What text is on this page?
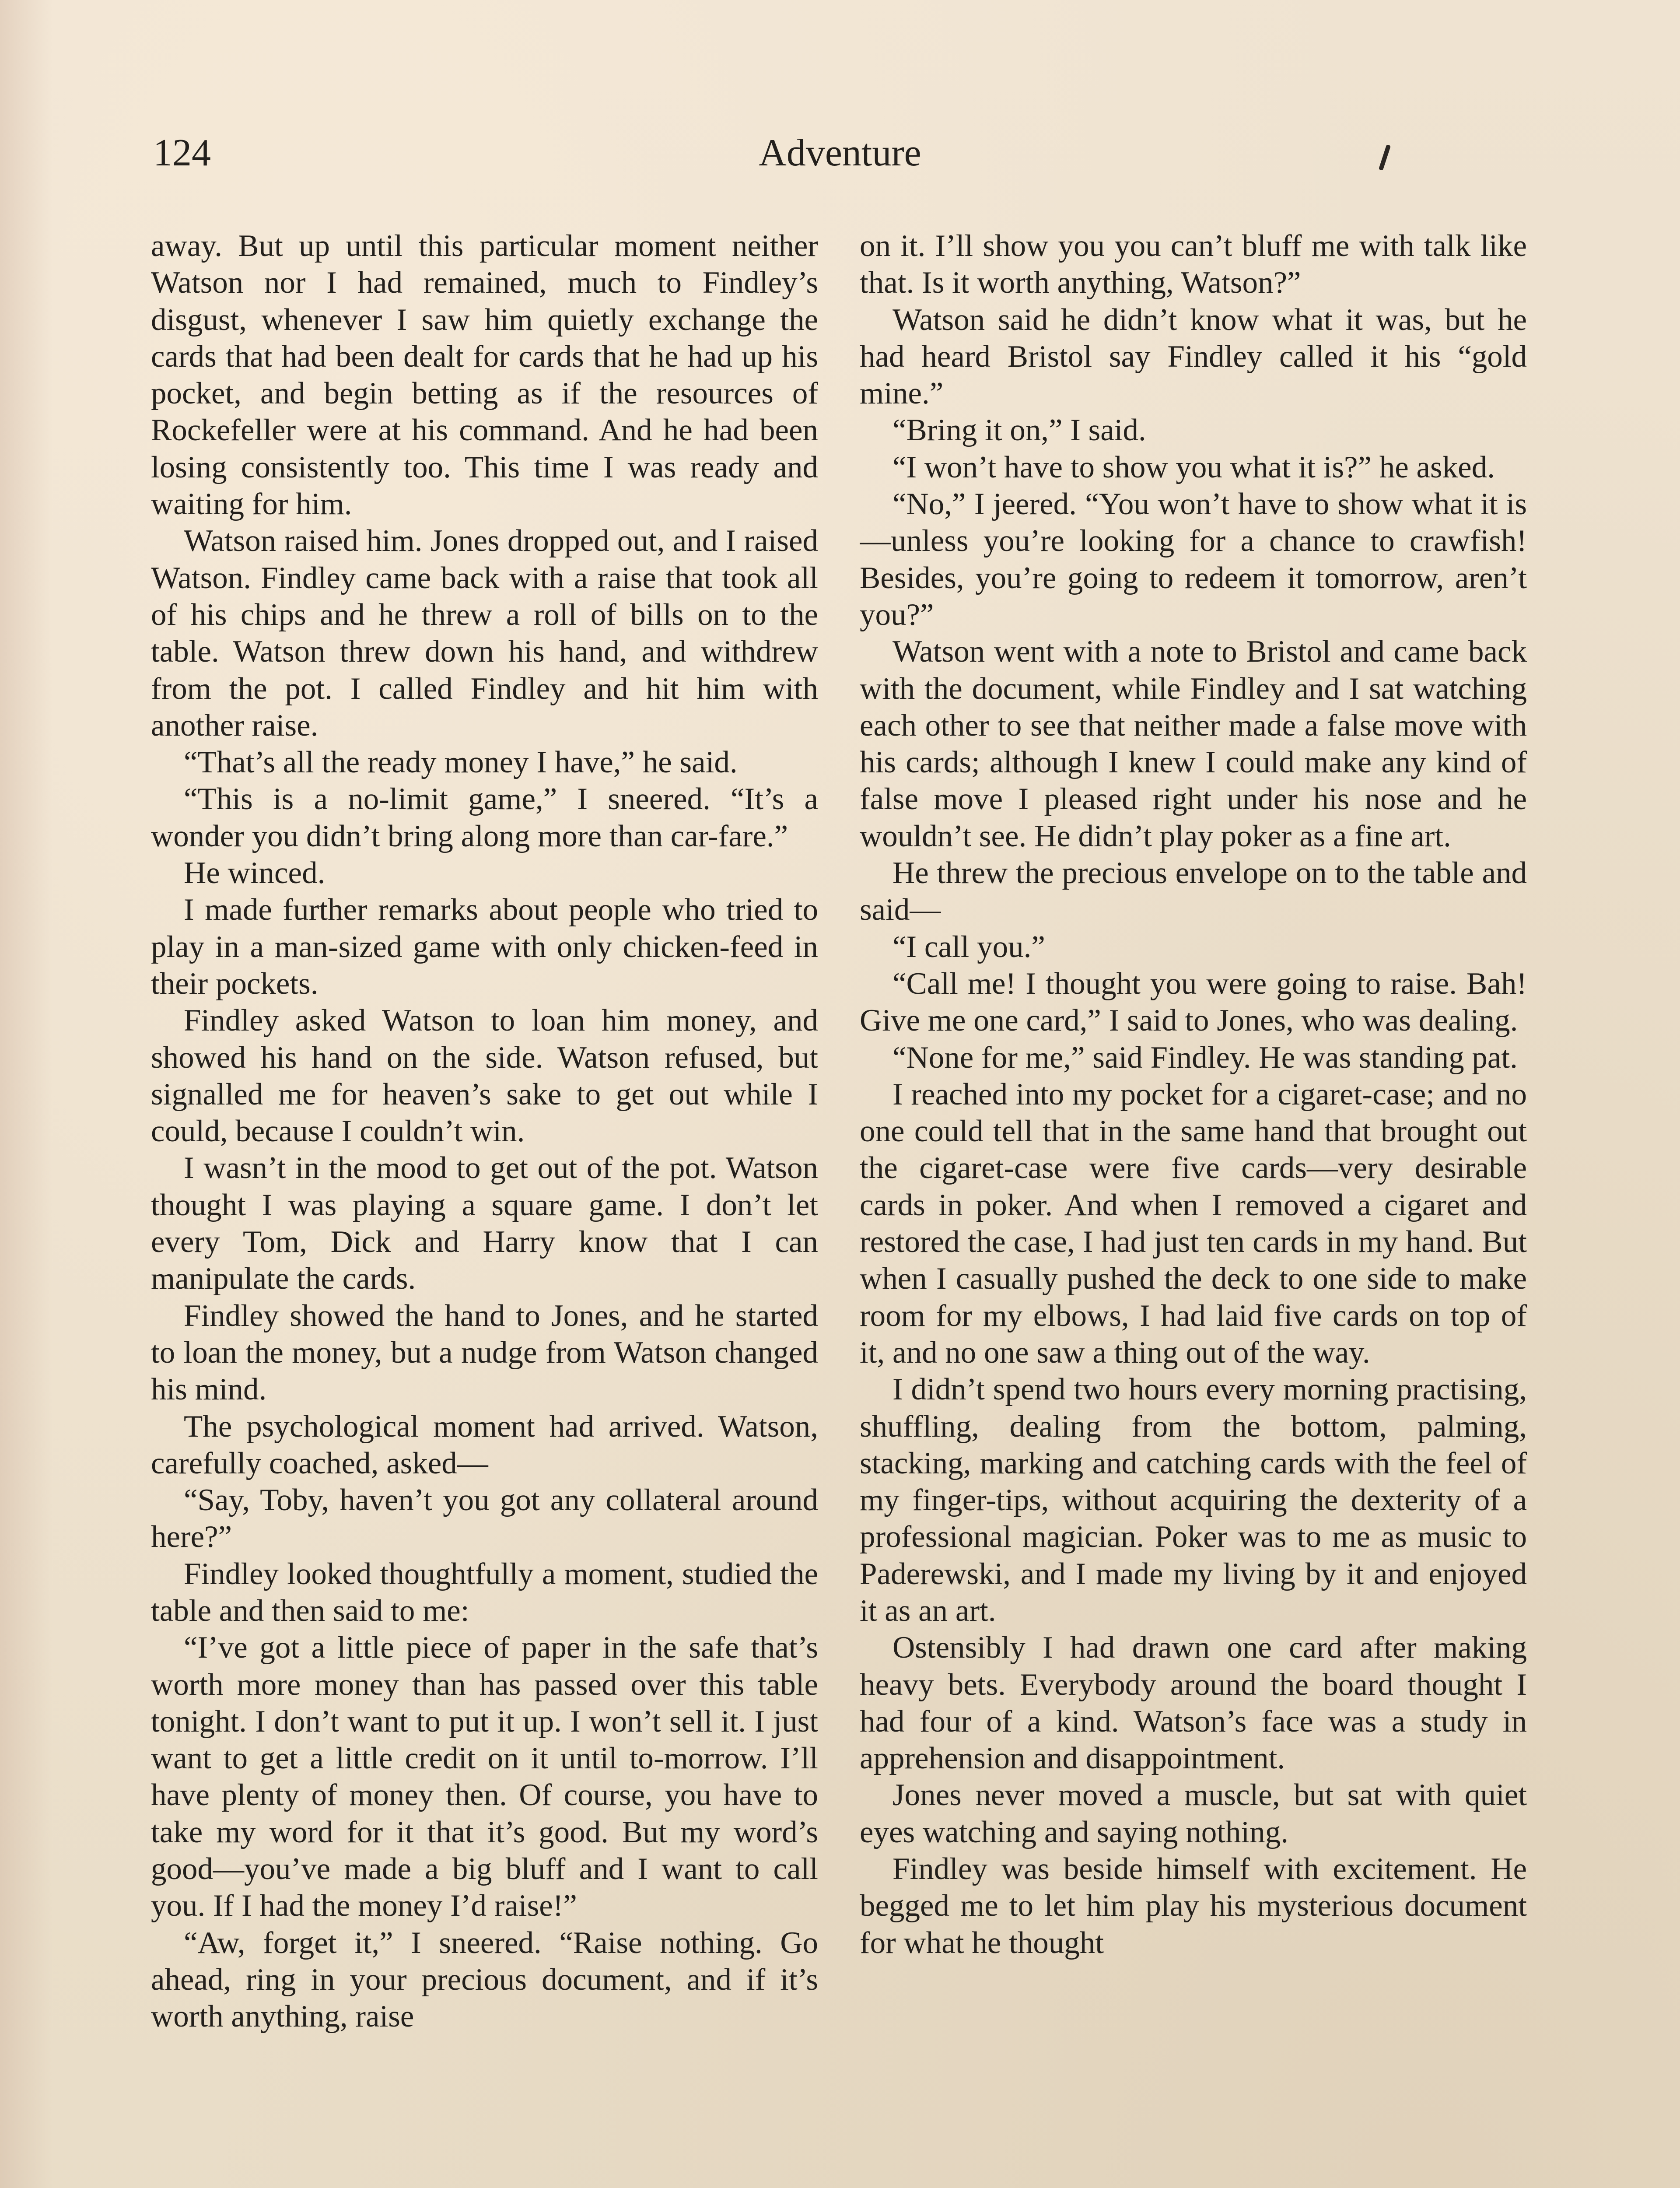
124	Adventure

away. But up until this particular moment neither Watson nor I had remained, much to Findley’s disgust, whenever I saw him quietly exchange the cards that had been dealt for cards that he had up his pocket, and begin betting as if the resources of Rockefeller were at his command. And he had been losing consistently too. This time I was ready and waiting for him.

Watson raised him. Jones dropped out, and I raised Watson. Findley came back with a raise that took all of his chips and he threw a roll of bills on to the table. Watson threw down his hand, and withdrew from the pot. I called Findley and hit him with another raise.

“That’s all the ready money I have,” he said.

“This is a no-limit game,” I sneered. “It’s a wonder you didn’t bring along more than car-fare.”

He winced.

I made further remarks about people who tried to play in a man-sized game with only chicken-feed in their pockets.

Findley asked Watson to loan him money, and showed his hand on the side. Watson refused, but signalled me for heaven’s sake to get out while I could, because I couldn’t win.

I wasn’t in the mood to get out of the pot. Watson thought I was playing a square game. I don’t let every Tom, Dick and Harry know that I can manipulate the cards.

Findley showed the hand to Jones, and he started to loan the money, but a nudge from Watson changed his mind.

The psychological moment had arrived. Watson, carefully coached, asked—

“Say, Toby, haven’t you got any collateral around here?”

Findley looked thoughtfully a moment, studied the table and then said to me:

“I’ve got a little piece of paper in the safe that’s worth more money than has passed over this table tonight. I don’t want to put it up. I won’t sell it. I just want to get a little credit on it until to-morrow. I’ll have plenty of money then. Of course, you have to take my word for it that it’s good. But my word’s good—you’ve made a big bluff and I want to call you. If I had the money I’d raise!”

“Aw, forget it,” I sneered. “Raise nothing. Go ahead, ring in your precious document, and if it’s worth anything, raise

on it. I’ll show you you can’t bluff me with talk like that. Is it worth anything, Watson?”

Watson said he didn’t know what it was, but he had heard Bristol say Findley called it his “gold mine.”

“Bring it on,” I said.

“I won’t have to show you what it is?” he asked.

“No,” I jeered. “You won’t have to show what it is—unless you’re looking for a chance to crawfish! Besides, you’re going to redeem it tomorrow, aren’t you?”

Watson went with a note to Bristol and came back with the document, while Findley and I sat watching each other to see that neither made a false move with his cards; although I knew I could make any kind of false move I pleased right under his nose and he wouldn’t see. He didn’t play poker as a fine art.

He threw the precious envelope on to the table and said—

“I call you.”

“Call me! I thought you were going to raise. Bah! Give me one card,” I said to Jones, who was dealing.

“None for me,” said Findley. He was standing pat.

I reached into my pocket for a cigaret-case; and no one could tell that in the same hand that brought out the cigaret-case were five cards—very desirable cards in poker. And when I removed a cigaret and restored the case, I had just ten cards in my hand. But when I casually pushed the deck to one side to make room for my elbows, I had laid five cards on top of it, and no one saw a thing out of the way.

I didn’t spend two hours every morning practising, shuffling, dealing from the bottom, palming, stacking, marking and catching cards with the feel of my finger-tips, without acquiring the dexterity of a professional magician. Poker was to me as music to Paderewski, and I made my living by it and enjoyed it as an art.

Ostensibly I had drawn one card after making heavy bets. Everybody around the board thought I had four of a kind. Watson’s face was a study in apprehension and disappointment.

Jones never moved a muscle, but sat with quiet eyes watching and saying nothing.

Findley was beside himself with excitement. He begged me to let him play his mysterious document for what he thought
